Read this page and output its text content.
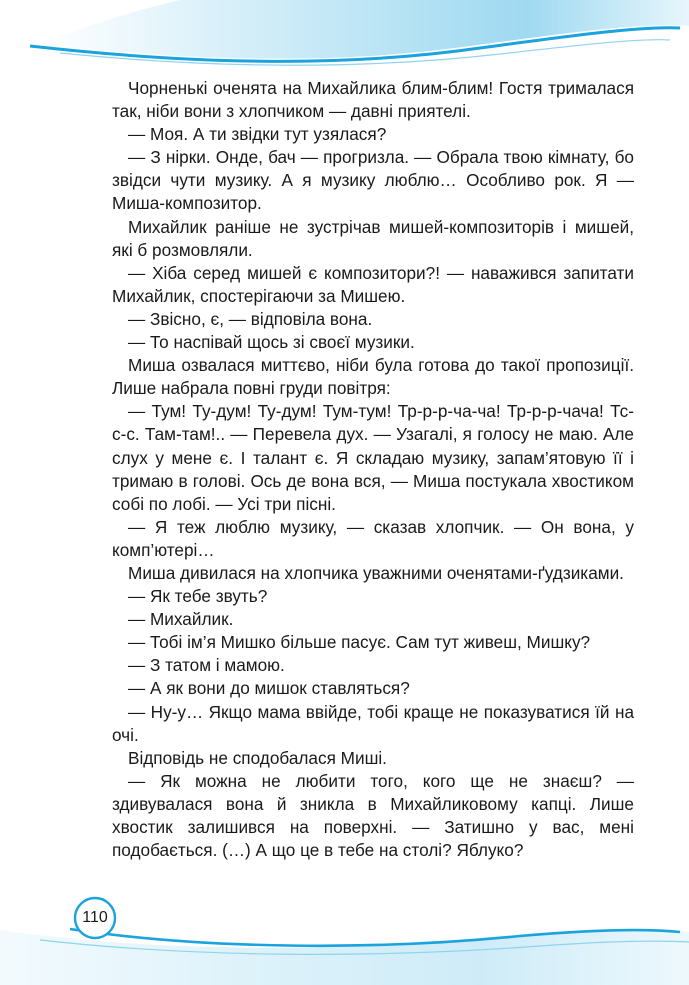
Чорненькі оченята на Михайлика блим-блим! Гостя трималася так, ніби вони з хлопчиком — давні приятелі.

— Моя. А ти звідки тут узялася?

— З нірки. Онде, бач — прогризла. — Обрала твою кімнату, бо звідси чути музику. А я музику люблю… Особливо рок. Я — Миша-композитор.

Михайлик раніше не зустрічав мишей-композиторів і мишей, які б розмовляли.

— Хіба серед мишей є композитори?! — наважився запитати Михайлик, спостерігаючи за Мишею.

— Звісно, є, — відповіла вона.

— То наспівай щось зі своєї музики.

Миша озвалася миттєво, ніби була готова до такої пропозиції. Лише набрала повні груди повітря:

— Тум! Ту-дум! Ту-дум! Тум-тум! Тр-р-р-ча-ча! Тр-р-р-чача! Тс-с-с. Там-там!.. — Перевела дух. — Узагалі, я голосу не маю. Але слух у мене є. І талант є. Я складаю музику, запам’ятовую її і тримаю в голові. Ось де вона вся, — Миша постукала хвостиком собі по лобі. — Усі три пісні.

— Я теж люблю музику, — сказав хлопчик. — Он вона, у комп’ютері…

Миша дивилася на хлопчика уважними оченятами-ґудзиками.

— Як тебе звуть?

— Михайлик.

— Тобі ім’я Мишко більше пасує. Сам тут живеш, Мишку?

— З татом і мамою.

— А як вони до мишок ставляться?

— Ну-у… Якщо мама ввійде, тобі краще не показуватися їй на очі.

Відповідь не сподобалася Миші.

— Як можна не любити того, кого ще не знаєш? — здивувалася вона й зникла в Михайликовому капці. Лише хвостик залишився на поверхні. — Затишно у вас, мені подобається. (…) А що це в тебе на столі? Яблуко?

110
